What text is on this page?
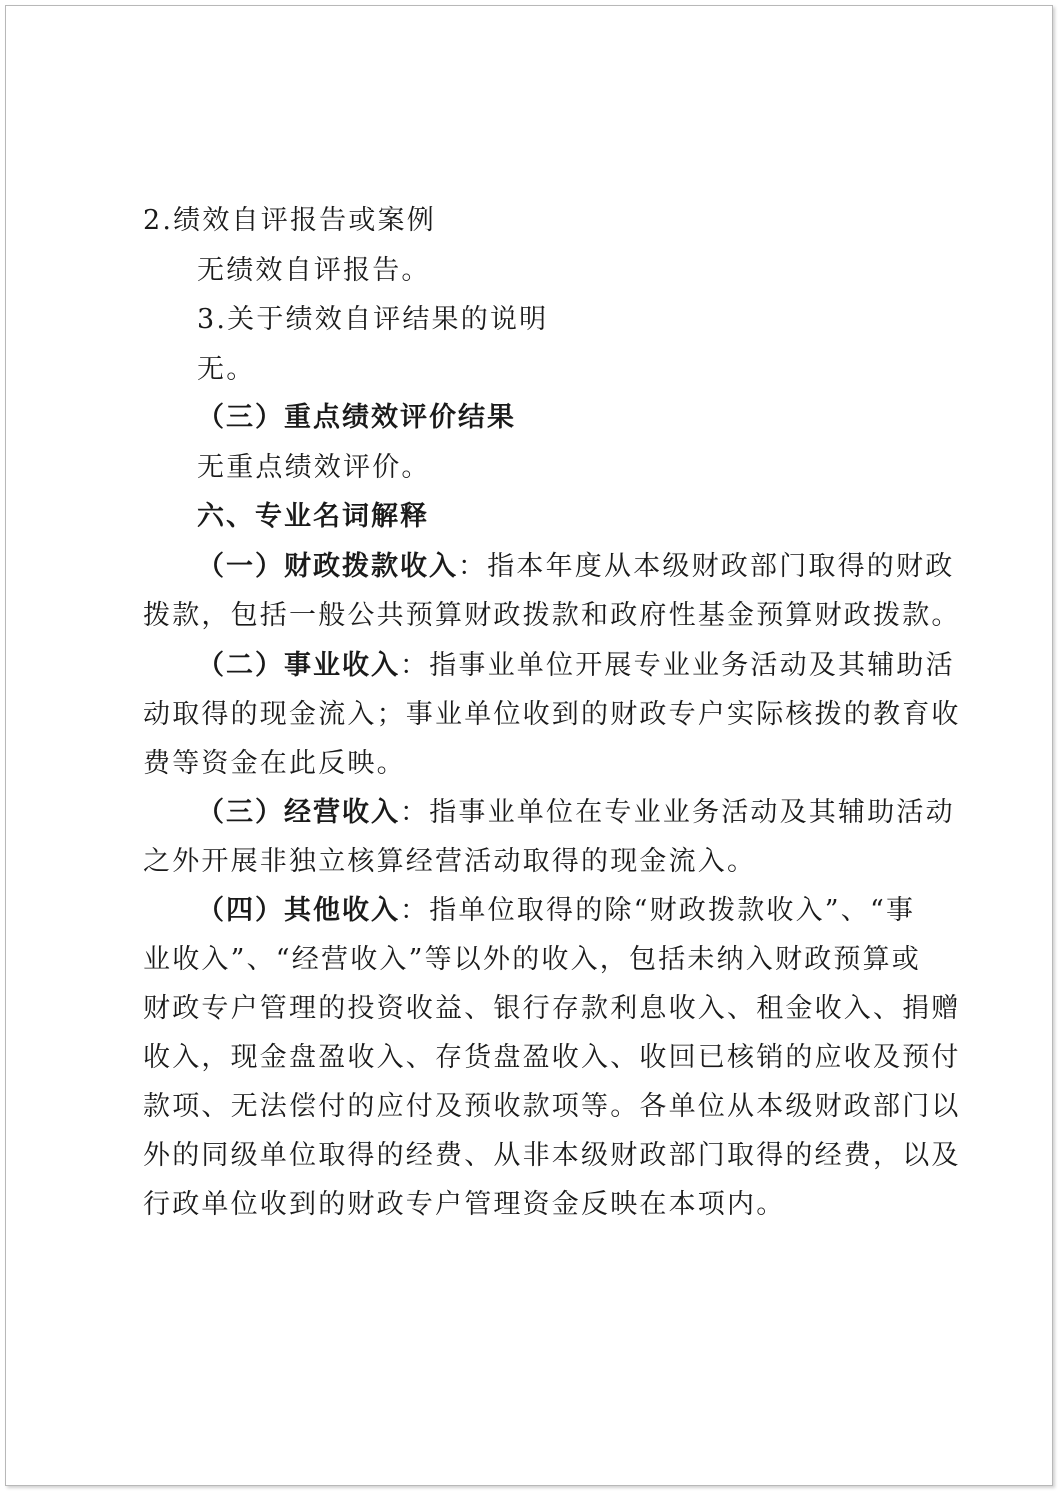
2.绩效自评报告或案例
无绩效自评报告。
3.关于绩效自评结果的说明
无。
（三）重点绩效评价结果
无重点绩效评价。
六、专业名词解释
（一）财政拨款收入：指本年度从本级财政部门取得的财政
拨款，包括一般公共预算财政拨款和政府性基金预算财政拨款。
（二）事业收入：指事业单位开展专业业务活动及其辅助活
动取得的现金流入；事业单位收到的财政专户实际核拨的教育收
费等资金在此反映。
（三）经营收入：指事业单位在专业业务活动及其辅助活动
之外开展非独立核算经营活动取得的现金流入。
（四）其他收入：指单位取得的除“财政拨款收入”、“事
业收入”、“经营收入”等以外的收入，包括未纳入财政预算或
财政专户管理的投资收益、银行存款利息收入、租金收入、捐赠
收入，现金盘盈收入、存货盘盈收入、收回已核销的应收及预付
款项、无法偿付的应付及预收款项等。各单位从本级财政部门以
外的同级单位取得的经费、从非本级财政部门取得的经费，以及
行政单位收到的财政专户管理资金反映在本项内。
